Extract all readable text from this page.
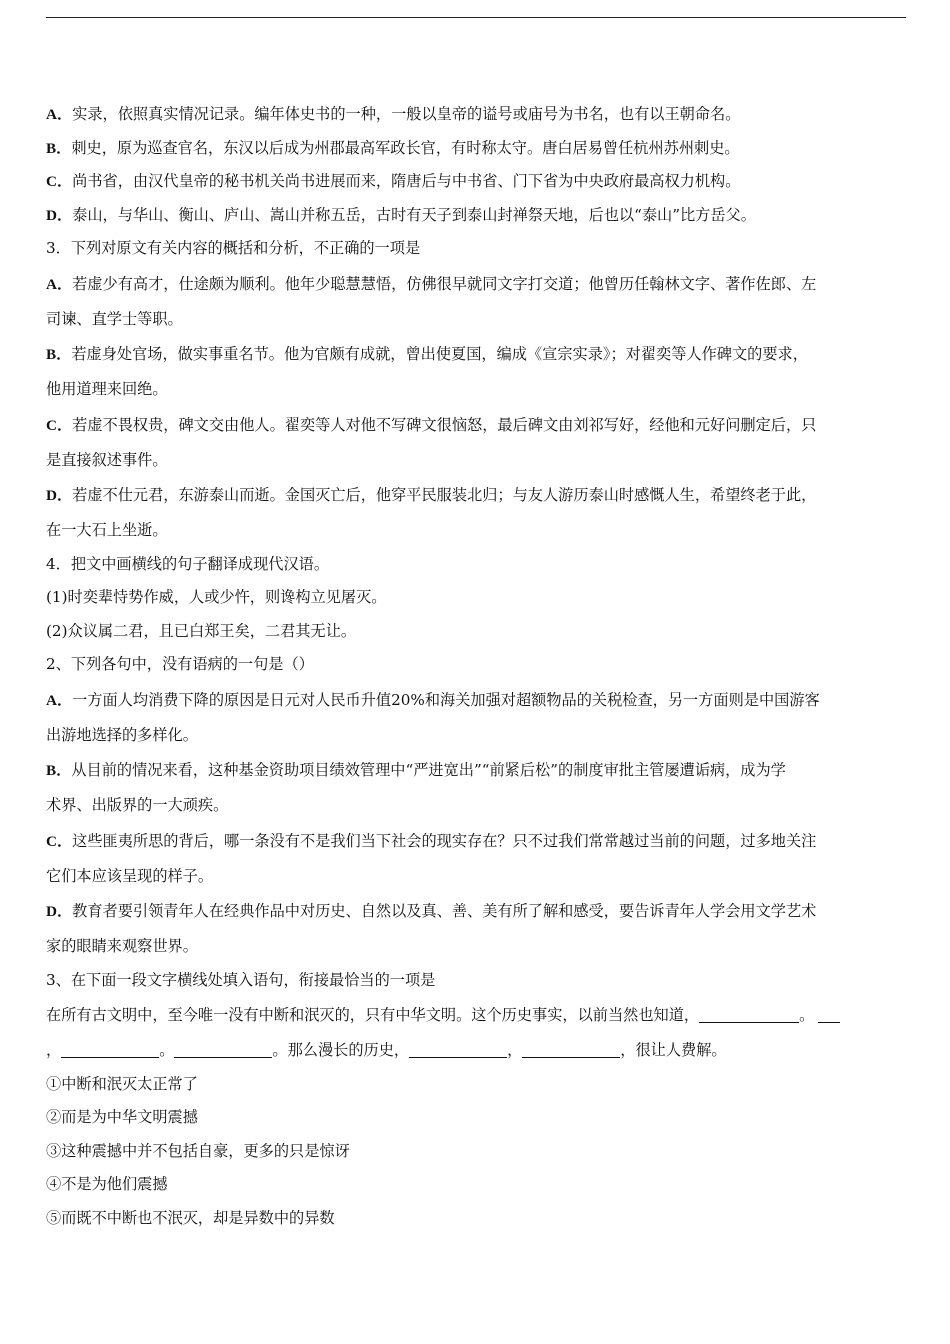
A．实录，依照真实情况记录。编年体史书的一种，一般以皇帝的谥号或庙号为书名，也有以王朝命名。
B．刺史，原为巡查官名，东汉以后成为州郡最高军政长官，有时称太守。唐白居易曾任杭州苏州刺史。
C．尚书省，由汉代皇帝的秘书机关尚书进展而来，隋唐后与中书省、门下省为中央政府最高权力机构。
D．泰山，与华山、衡山、庐山、嵩山并称五岳，古时有天子到泰山封禅祭天地，后也以“泰山”比方岳父。
3．下列对原文有关内容的概括和分析，不正确的一项是
A．若虚少有高才，仕途颇为顺利。他年少聪慧慧悟，仿佛很早就同文字打交道；他曾历任翰林文字、著作佐郎、左
司谏、直学士等职。
B．若虚身处官场，做实事重名节。他为官颇有成就，曾出使夏国，编成《宣宗实录》；对翟奕等人作碑文的要求，
他用道理来回绝。
C．若虚不畏权贵，碑文交由他人。翟奕等人对他不写碑文很恼怒，最后碑文由刘祁写好，经他和元好问删定后，只
是直接叙述事件。
D．若虚不仕元君，东游泰山而逝。金国灭亡后，他穿平民服装北归；与友人游历泰山时感慨人生，希望终老于此，
在一大石上坐逝。
4．把文中画横线的句子翻译成现代汉语。
(1)时奕辈恃势作威，人或少忤，则谗构立见屠灭。
(2)众议属二君，且已白郑王矣，二君其无让。
2、下列各句中，没有语病的一句是（）
A．一方面人均消费下降的原因是日元对人民币升值20%和海关加强对超额物品的关税检查，另一方面则是中国游客
出游地选择的多样化。
B．从目前的情况来看，这种基金资助项目绩效管理中“严进宽出”“前紧后松”的制度审批主管屡遭诟病，成为学
术界、出版界的一大顽疾。
C．这些匪夷所思的背后，哪一条没有不是我们当下社会的现实存在？只不过我们常常越过当前的问题，过多地关注
它们本应该呈现的样子。
D．教育者要引领青年人在经典作品中对历史、自然以及真、善、美有所了解和感受，要告诉青年人学会用文学艺术
家的眼睛来观察世界。
3、在下面一段文字横线处填入语句，衔接最恰当的一项是
在所有古文明中，至今唯一没有中断和泯灭的，只有中华文明。这个历史事实，以前当然也知道，	。
，	。	。那么漫长的历史，	，	，很让人费解。
①中断和泯灭太正常了
②而是为中华文明震撼
③这种震撼中并不包括自豪，更多的只是惊讶
④不是为他们震撼
⑤而既不中断也不泯灭，却是异数中的异数
